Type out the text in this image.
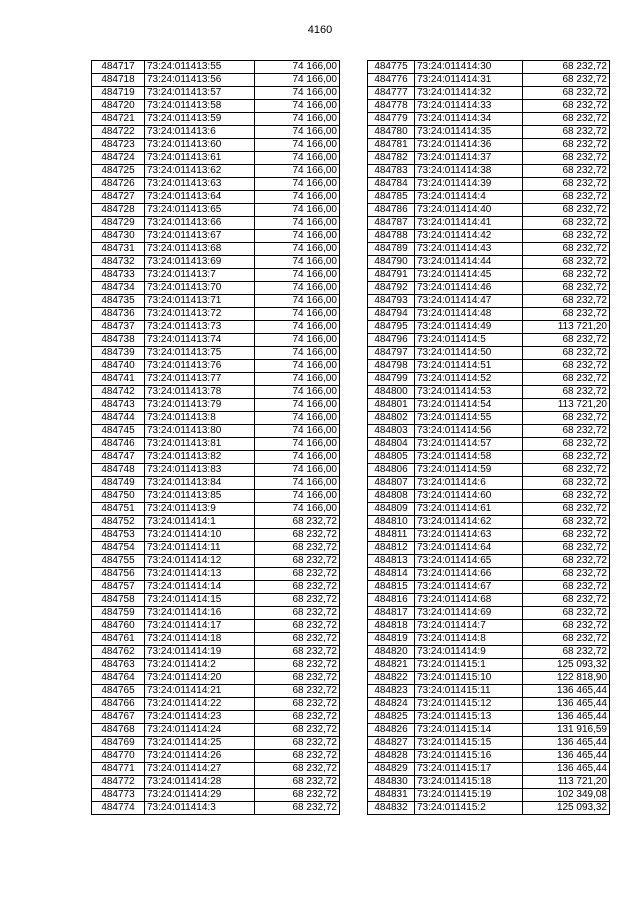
4160
484717	73:24:011413:55	74 166,00
484718	73:24:011413:56	74 166,00
484719	73:24:011413:57	74 166,00
484720	73:24:011413:58	74 166,00
484721	73:24:011413:59	74 166,00
484722	73:24:011413:6	74 166,00
484723	73:24:011413:60	74 166,00
484724	73:24:011413:61	74 166,00
484725	73:24:011413:62	74 166,00
484726	73:24:011413:63	74 166,00
484727	73:24:011413:64	74 166,00
484728	73:24:011413:65	74 166,00
484729	73:24:011413:66	74 166,00
484730	73:24:011413:67	74 166,00
484731	73:24:011413:68	74 166,00
484732	73:24:011413:69	74 166,00
484733	73:24:011413:7	74 166,00
484734	73:24:011413:70	74 166,00
484735	73:24:011413:71	74 166,00
484736	73:24:011413:72	74 166,00
484737	73:24:011413:73	74 166,00
484738	73:24:011413:74	74 166,00
484739	73:24:011413:75	74 166,00
484740	73:24:011413:76	74 166,00
484741	73:24:011413:77	74 166,00
484742	73:24:011413:78	74 166,00
484743	73:24:011413:79	74 166,00
484744	73:24:011413:8	74 166,00
484745	73:24:011413:80	74 166,00
484746	73:24:011413:81	74 166,00
484747	73:24:011413:82	74 166,00
484748	73:24:011413:83	74 166,00
484749	73:24:011413:84	74 166,00
484750	73:24:011413:85	74 166,00
484751	73:24:011413:9	74 166,00
484752	73:24:011414:1	68 232,72
484753	73:24:011414:10	68 232,72
484754	73:24:011414:11	68 232,72
484755	73:24:011414:12	68 232,72
484756	73:24:011414:13	68 232,72
484757	73:24:011414:14	68 232,72
484758	73:24:011414:15	68 232,72
484759	73:24:011414:16	68 232,72
484760	73:24:011414:17	68 232,72
484761	73:24:011414:18	68 232,72
484762	73:24:011414:19	68 232,72
484763	73:24:011414:2	68 232,72
484764	73:24:011414:20	68 232,72
484765	73:24:011414:21	68 232,72
484766	73:24:011414:22	68 232,72
484767	73:24:011414:23	68 232,72
484768	73:24:011414:24	68 232,72
484769	73:24:011414:25	68 232,72
484770	73:24:011414:26	68 232,72
484771	73:24:011414:27	68 232,72
484772	73:24:011414:28	68 232,72
484773	73:24:011414:29	68 232,72
484774	73:24:011414:3	68 232,72
484775	73:24:011414:30	68 232,72
484776	73:24:011414:31	68 232,72
484777	73:24:011414:32	68 232,72
484778	73:24:011414:33	68 232,72
484779	73:24:011414:34	68 232,72
484780	73:24:011414:35	68 232,72
484781	73:24:011414:36	68 232,72
484782	73:24:011414:37	68 232,72
484783	73:24:011414:38	68 232,72
484784	73:24:011414:39	68 232,72
484785	73:24:011414:4	68 232,72
484786	73:24:011414:40	68 232,72
484787	73:24:011414:41	68 232,72
484788	73:24:011414:42	68 232,72
484789	73:24:011414:43	68 232,72
484790	73:24:011414:44	68 232,72
484791	73:24:011414:45	68 232,72
484792	73:24:011414:46	68 232,72
484793	73:24:011414:47	68 232,72
484794	73:24:011414:48	68 232,72
484795	73:24:011414:49	113 721,20
484796	73:24:011414:5	68 232,72
484797	73:24:011414:50	68 232,72
484798	73:24:011414:51	68 232,72
484799	73:24:011414:52	68 232,72
484800	73:24:011414:53	68 232,72
484801	73:24:011414:54	113 721,20
484802	73:24:011414:55	68 232,72
484803	73:24:011414:56	68 232,72
484804	73:24:011414:57	68 232,72
484805	73:24:011414:58	68 232,72
484806	73:24:011414:59	68 232,72
484807	73:24:011414:6	68 232,72
484808	73:24:011414:60	68 232,72
484809	73:24:011414:61	68 232,72
484810	73:24:011414:62	68 232,72
484811	73:24:011414:63	68 232,72
484812	73:24:011414:64	68 232,72
484813	73:24:011414:65	68 232,72
484814	73:24:011414:66	68 232,72
484815	73:24:011414:67	68 232,72
484816	73:24:011414:68	68 232,72
484817	73:24:011414:69	68 232,72
484818	73:24:011414:7	68 232,72
484819	73:24:011414:8	68 232,72
484820	73:24:011414:9	68 232,72
484821	73:24:011415:1	125 093,32
484822	73:24:011415:10	122 818,90
484823	73:24:011415:11	136 465,44
484824	73:24:011415:12	136 465,44
484825	73:24:011415:13	136 465,44
484826	73:24:011415:14	131 916,59
484827	73:24:011415:15	136 465,44
484828	73:24:011415:16	136 465,44
484829	73:24:011415:17	136 465,44
484830	73:24:011415:18	113 721,20
484831	73:24:011415:19	102 349,08
484832	73:24:011415:2	125 093,32
